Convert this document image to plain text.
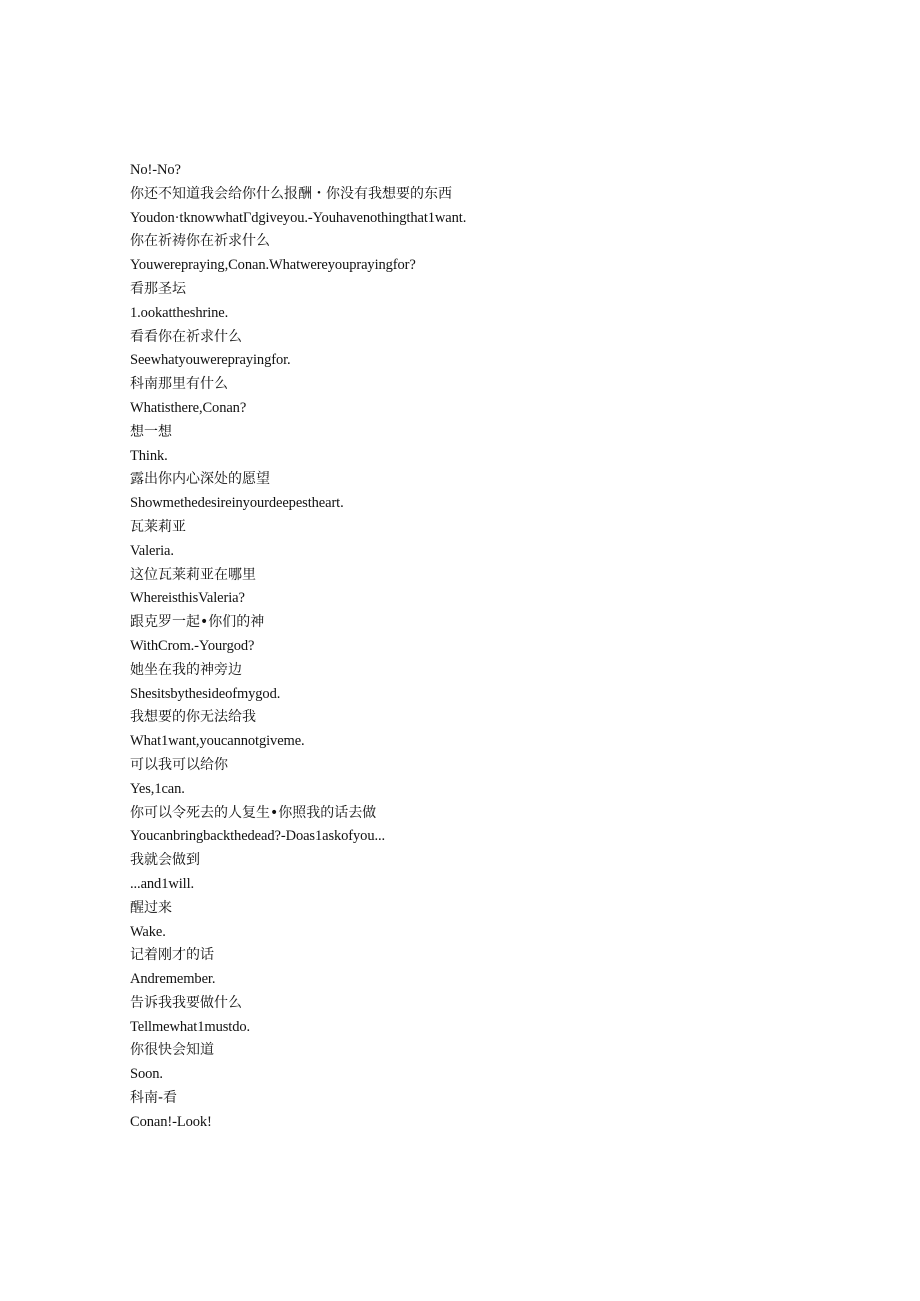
No!-No?
你还不知道我会给你什么报酬・你没有我想要的东西
Youdon·tknowwhatΓdgiveyou.-Youhavenothingthat1want.
你在祈祷你在祈求什么
Youwerepraying,Conan.Whatwereyouprayingfor?
看那圣坛
1.ookattheshrine.
看看你在祈求什么
Seewhatyouwereprayingfor.
科南那里有什么
Whatisthere,Conan?
想一想
Think.
露出你内心深处的愿望
Showmethedesireinyourdeepestheart.
瓦莱莉亚
Valeria.
这位瓦莱莉亚在哪里
WhereisthisValeria?
跟克罗一起•你们的神
WithCrom.-Yourgod?
她坐在我的神旁边
Shesitsbythesideofmygod.
我想要的你无法给我
What1want,youcannotgiveme.
可以我可以给你
Yes,1can.
你可以令死去的人复生•你照我的话去做
Youcanbringbackthedead?-Doas1askofyou...
我就会做到
...and1will.
醒过来
Wake.
记着刚才的话
Andremember.
告诉我我要做什么
Tellmewhat1mustdo.
你很快会知道
Soon.
科南-看
Conan!-Look!
